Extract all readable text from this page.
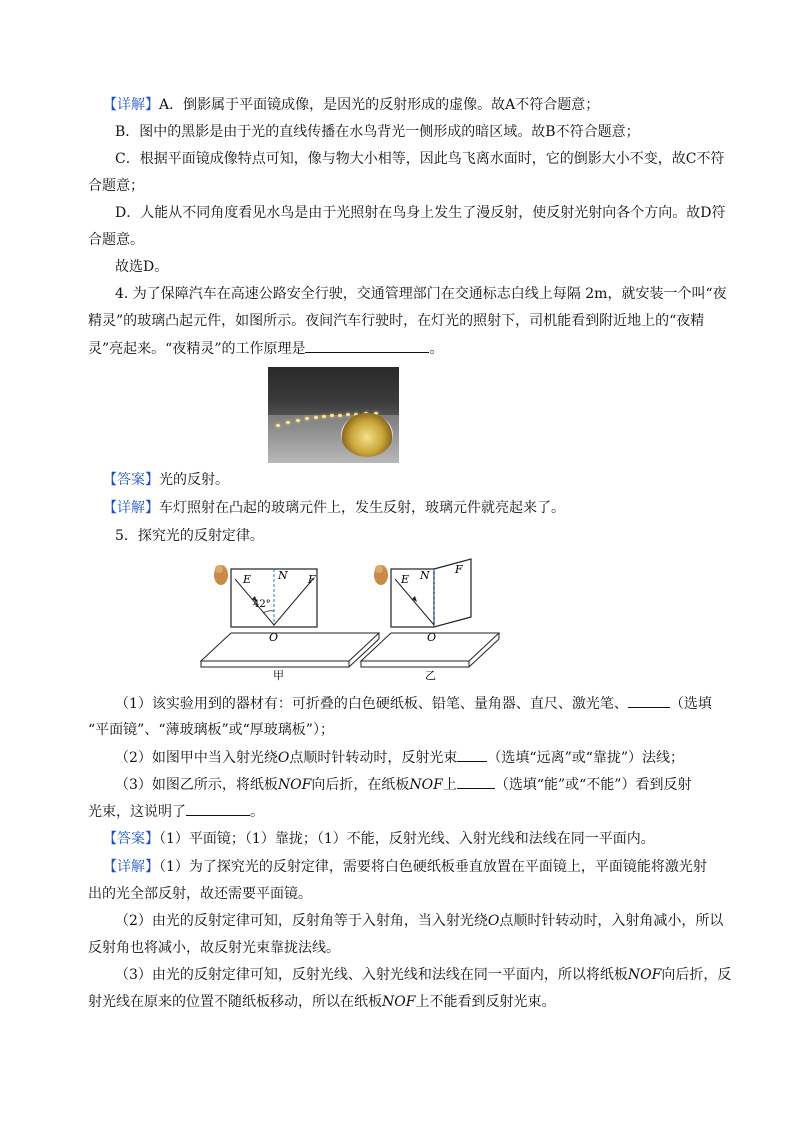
【详解】A．倒影属于平面镜成像，是因光的反射形成的虚像。故A不符合题意；
B．图中的黑影是由于光的直线传播在水鸟背光一侧形成的暗区域。故B不符合题意；
C．根据平面镜成像特点可知，像与物大小相等，因此鸟飞离水面时，它的倒影大小不变，故C不符
合题意；
D．人能从不同角度看见水鸟是由于光照射在鸟身上发生了漫反射，使反射光射向各个方向。故D符
合题意。
故选D。
4. 为了保障汽车在高速公路安全行驶，交通管理部门在交通标志白线上每隔 2m，就安装一个叫“夜
精灵”的玻璃凸起元件，如图所示。夜间汽车行驶时，在灯光的照射下，司机能看到附近地上的“夜精
灵”亮起来。“夜精灵”的工作原理是	。
【答案】光的反射。
【详解】车灯照射在凸起的玻璃元件上，发生反射，玻璃元件就亮起来了。
5．探究光的反射定律。
E N F
42°
O
甲
E N F
O
乙
（1）该实验用到的器材有：可折叠的白色硬纸板、铅笔、量角器、直尺、激光笔、	（选填
“平面镜”、“薄玻璃板”或“厚玻璃板”）；
（2）如图甲中当入射光绕O点顺时针转动时，反射光束 （选填“远离”或“靠拢”）法线；
（3）如图乙所示，将纸板NOF向后折，在纸板NOF上	（选填“能”或“不能”）看到反射
光束，这说明了	。
【答案】（1）平面镜；（1）靠拢；（1）不能，反射光线、入射光线和法线在同一平面内。
【详解】（1）为了探究光的反射定律，需要将白色硬纸板垂直放置在平面镜上，平面镜能将激光射
出的光全部反射，故还需要平面镜。
（2）由光的反射定律可知，反射角等于入射角，当入射光绕O点顺时针转动时，入射角减小，所以
反射角也将减小，故反射光束靠拢法线。
（3）由光的反射定律可知，反射光线、入射光线和法线在同一平面内，所以将纸板NOF向后折，反
射光线在原来的位置不随纸板移动，所以在纸板NOF上不能看到反射光束。
